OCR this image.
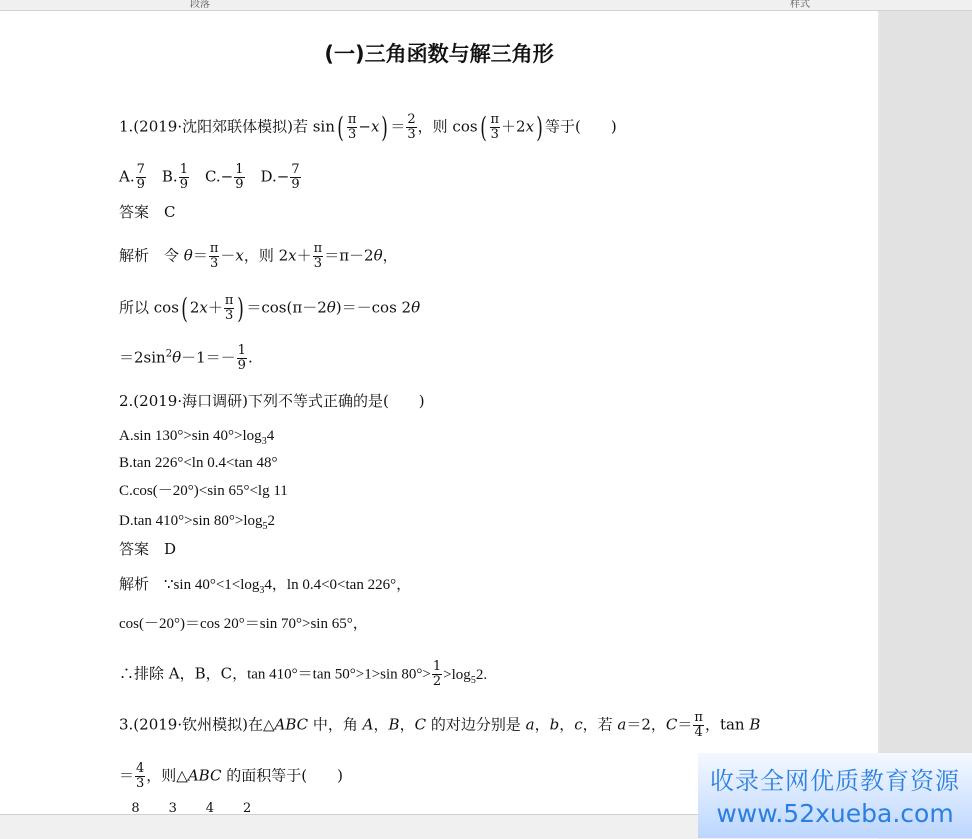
段落	样式
(一)三角函数与解三角形
1.(2019·沈阳郊联体模拟)若 $\sin( \frac{\pi}{3} -x) = \frac{2}{3}$ ，则 $\cos( \frac{\pi}{3} +2x)$ 等于(　　)
A. $\frac{7}{9}$ 　B. $\frac{1}{9}$ 　$C.- \frac{1}{9}$ 　$D.- \frac{7}{9}$
答案　C
解析　令 $\theta= \frac{\pi}{3} -x$，则 $2x+ \frac{\pi}{3} =\pi-2\theta$，
所以 cos( $2x+ \frac{\pi}{3}$ ) ＝cos(π－2θ)＝－cos 2θ
$=2\sin^2\theta-1=- \frac{1}{9}$ .
2.(2019·海口调研)下列不等式正确的是(　　)
A.sin 130°>sin $40^\circ>\log_34$
B.tan 226°<ln 0.4<tan 48°
C.cos(－20°)<sin 65°<lg 11
D.tan 410°>sin $80^\circ>\log_52$
答案　D
解析　∵sin $40^\circ<1<\log_34$，ln 0.4<0<tan 226°，
cos(－20°)＝cos 20°＝sin 70°>sin 65°，
∴排除 A，B，C，tan 410°＝tan 50°>1>sin $80^\circ> \frac{1}{2} >\log_52$.
3.(2019·钦州模拟)在△ABC 中，角 A，B，C 的对边分别是 a，b，c，若 a＝2，$C= \frac{\pi}{4}$ ，tan B
＝ $\frac{4}{3}$ ，则△ABC 的面积等于(　　)
8       3       4       2
收录全网优质教育资源
www.52xueba.com
